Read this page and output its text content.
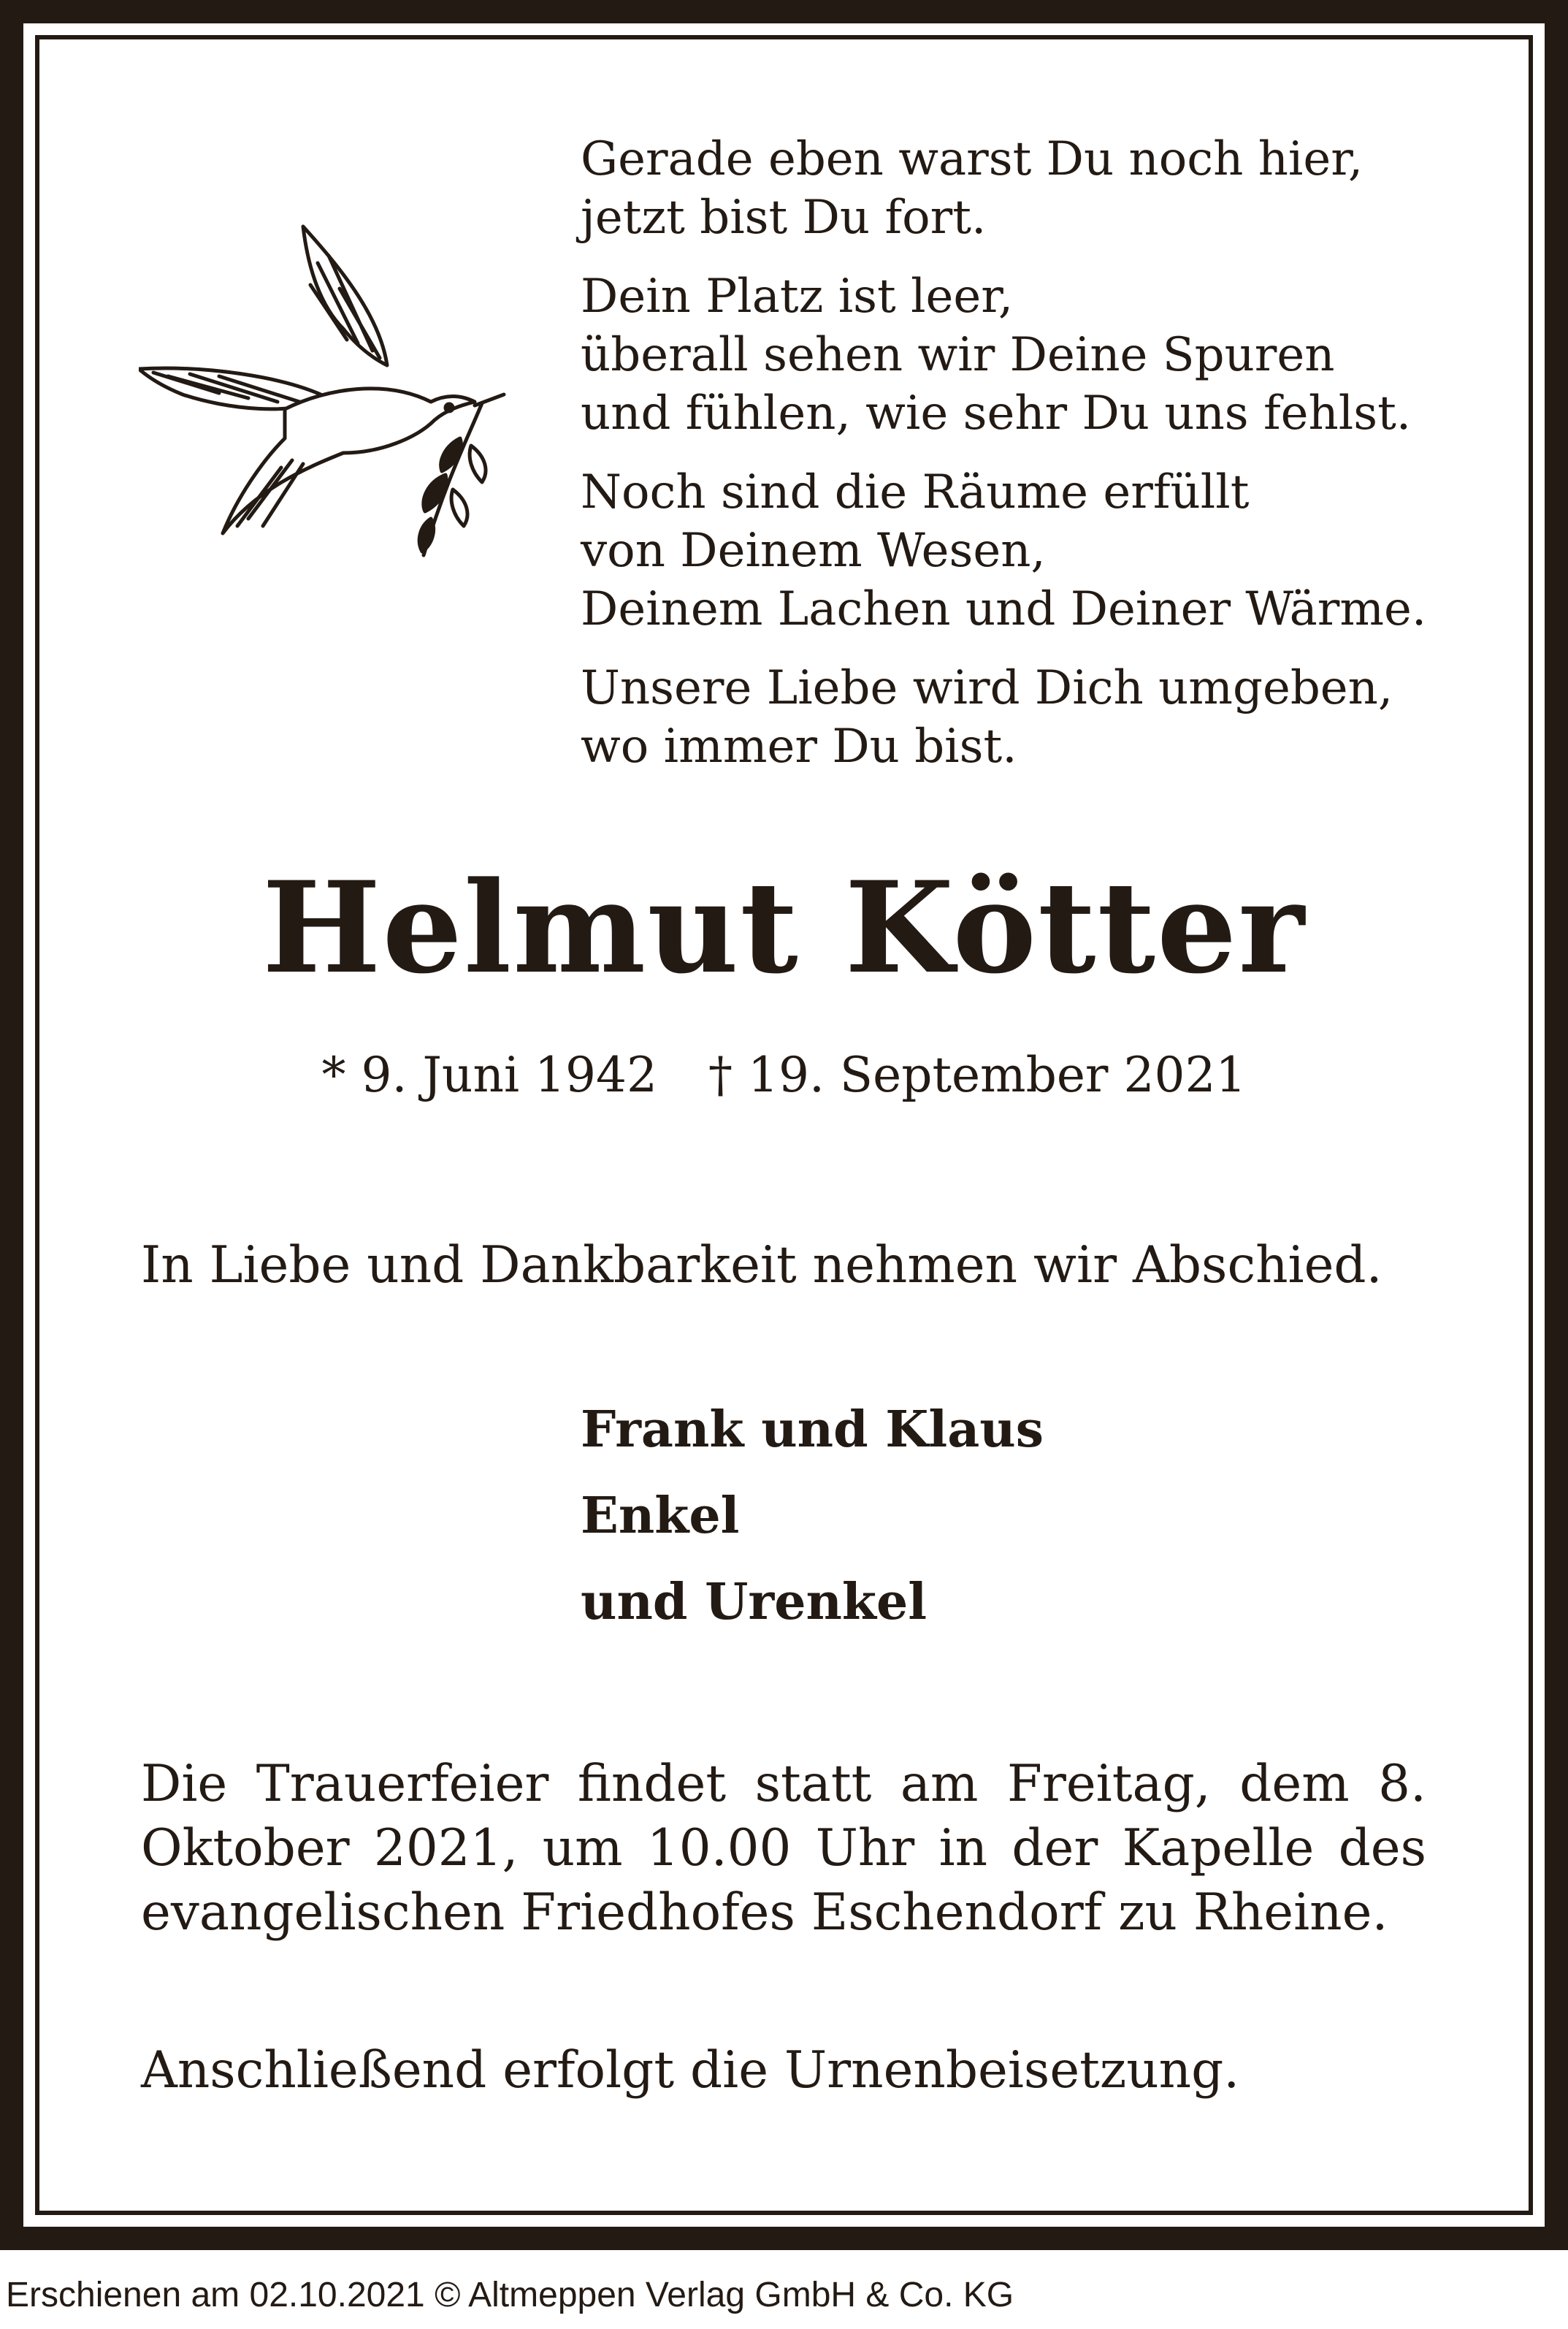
Gerade eben warst Du noch hier,
jetzt bist Du fort.
Dein Platz ist leer,
überall sehen wir Deine Spuren
und fühlen, wie sehr Du uns fehlst.
Noch sind die Räume erfüllt
von Deinem Wesen,
Deinem Lachen und Deiner Wärme.
Unsere Liebe wird Dich umgeben,
wo immer Du bist.
Helmut Kötter
* 9. Juni 1942 † 19. September 2021
In Liebe und Dankbarkeit nehmen wir Abschied.
Frank und Klaus
Enkel
und Urenkel
Die Trauerfeier findet statt am Freitag, dem 8. Oktober 2021, um 10.00 Uhr in der Kapelle des evangelischen Friedhofes Eschendorf zu Rheine.
Anschließend erfolgt die Urnenbeisetzung.
Erschienen am 02.10.2021 © Altmeppen Verlag GmbH & Co. KG
